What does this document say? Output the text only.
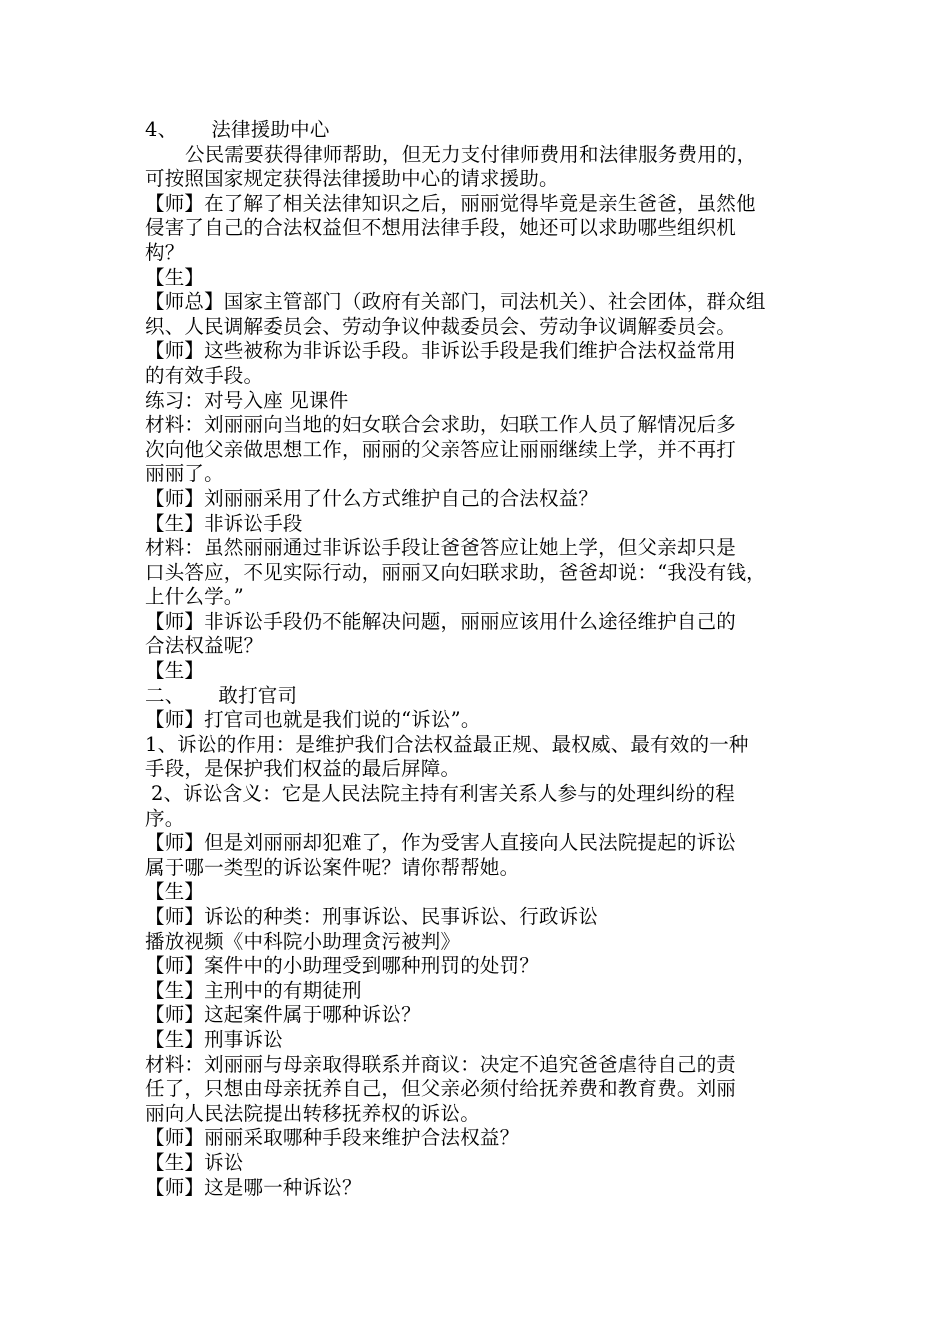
4、 法律援助中心
公民需要获得律师帮助，但无力支付律师费用和法律服务费用的，
可按照国家规定获得法律援助中心的请求援助。
【师】在了解了相关法律知识之后，丽丽觉得毕竟是亲生爸爸，虽然他
侵害了自己的合法权益但不想用法律手段，她还可以求助哪些组织机
构？
【生】
【师总】国家主管部门（政府有关部门，司法机关）、社会团体，群众组
织、人民调解委员会、劳动争议仲裁委员会、劳动争议调解委员会。
【师】这些被称为非诉讼手段。非诉讼手段是我们维护合法权益常用
的有效手段。
练习：对号入座 见课件
材料：刘丽丽向当地的妇女联合会求助，妇联工作人员了解情况后多
次向他父亲做思想工作，丽丽的父亲答应让丽丽继续上学，并不再打
丽丽了。
【师】刘丽丽采用了什么方式维护自己的合法权益？
【生】非诉讼手段
材料：虽然丽丽通过非诉讼手段让爸爸答应让她上学，但父亲却只是
口头答应，不见实际行动，丽丽又向妇联求助，爸爸却说：“我没有钱，
上什么学。”
【师】非诉讼手段仍不能解决问题，丽丽应该用什么途径维护自己的
合法权益呢？
【生】
二、 敢打官司
【师】打官司也就是我们说的“诉讼”。
1、诉讼的作用：是维护我们合法权益最正规、最权威、最有效的一种
手段，是保护我们权益的最后屏障。
2、诉讼含义：它是人民法院主持有利害关系人参与的处理纠纷的程
序。
【师】但是刘丽丽却犯难了，作为受害人直接向人民法院提起的诉讼
属于哪一类型的诉讼案件呢？请你帮帮她。
【生】
【师】诉讼的种类：刑事诉讼、民事诉讼、行政诉讼
播放视频《中科院小助理贪污被判》
【师】案件中的小助理受到哪种刑罚的处罚？
【生】主刑中的有期徒刑
【师】这起案件属于哪种诉讼？
【生】刑事诉讼
材料：刘丽丽与母亲取得联系并商议：决定不追究爸爸虐待自己的责
任了，只想由母亲抚养自己，但父亲必须付给抚养费和教育费。刘丽
丽向人民法院提出转移抚养权的诉讼。
【师】丽丽采取哪种手段来维护合法权益？
【生】诉讼
【师】这是哪一种诉讼？
